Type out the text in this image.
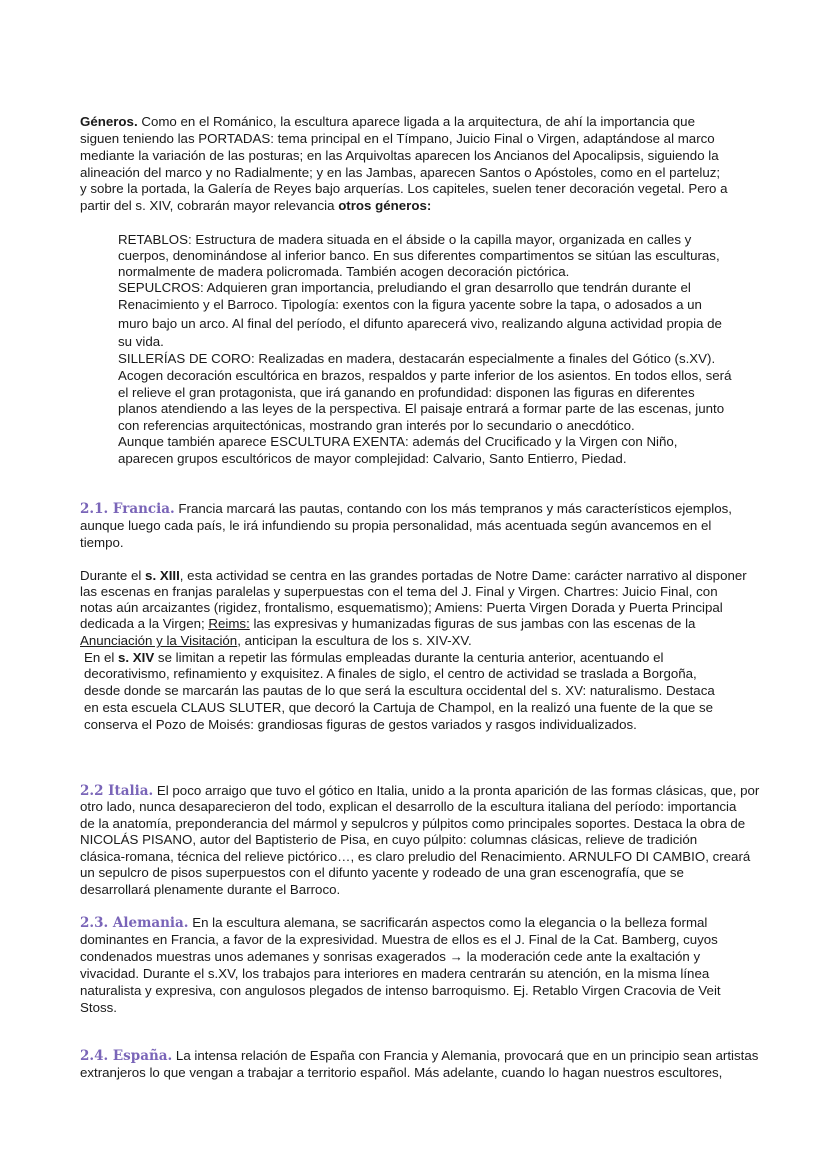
Géneros. Como en el Románico, la escultura aparece ligada a la arquitectura, de ahí la importancia que
siguen teniendo las PORTADAS: tema principal en el Tímpano, Juicio Final o Virgen, adaptándose al marco
mediante la variación de las posturas; en las Arquivoltas aparecen los Ancianos del Apocalipsis, siguiendo la
alineación del marco y no Radialmente; y en las Jambas, aparecen Santos o Apóstoles, como en el parteluz;
y sobre la portada, la Galería de Reyes bajo arquerías. Los capiteles, suelen tener decoración vegetal. Pero a
partir del s. XIV, cobrarán mayor relevancia otros géneros:
RETABLOS: Estructura de madera situada en el ábside o la capilla mayor, organizada en calles y
cuerpos, denominándose al inferior banco. En sus diferentes compartimentos se sitúan las esculturas,
normalmente de madera policromada. También acogen decoración pictórica.
SEPULCROS: Adquieren gran importancia, preludiando el gran desarrollo que tendrán durante el
Renacimiento y el Barroco. Tipología: exentos con la figura yacente sobre la tapa, o adosados a un
muro bajo un arco. Al final del período, el difunto aparecerá vivo, realizando alguna actividad propia de
su vida.
SILLERÍAS DE CORO: Realizadas en madera, destacarán especialmente a finales del Gótico (s.XV).
Acogen decoración escultórica en brazos, respaldos y parte inferior de los asientos. En todos ellos, será
el relieve el gran protagonista, que irá ganando en profundidad: disponen las figuras en diferentes
planos atendiendo a las leyes de la perspectiva. El paisaje entrará a formar parte de las escenas, junto
con referencias arquitectónicas, mostrando gran interés por lo secundario o anecdótico.
Aunque también aparece ESCULTURA EXENTA: además del Crucificado y la Virgen con Niño,
aparecen grupos escultóricos de mayor complejidad: Calvario, Santo Entierro, Piedad.
2.1. Francia. Francia marcará las pautas, contando con los más tempranos y más característicos ejemplos,
aunque luego cada país, le irá infundiendo su propia personalidad, más acentuada según avancemos en el
tiempo.
Durante el s. XIII, esta actividad se centra en las grandes portadas de Notre Dame: carácter narrativo al disponer
las escenas en franjas paralelas y superpuestas con el tema del J. Final y Virgen. Chartres: Juicio Final, con
notas aún arcaizantes (rigidez, frontalismo, esquematismo); Amiens: Puerta Virgen Dorada y Puerta Principal
dedicada a la Virgen; Reims: las expresivas y humanizadas figuras de sus jambas con las escenas de la
Anunciación y la Visitación, anticipan la escultura de los s. XIV-XV.
En el s. XIV se limitan a repetir las fórmulas empleadas durante la centuria anterior, acentuando el
decorativismo, refinamiento y exquisitez. A finales de siglo, el centro de actividad se traslada a Borgoña,
desde donde se marcarán las pautas de lo que será la escultura occidental del s. XV: naturalismo. Destaca
en esta escuela CLAUS SLUTER, que decoró la Cartuja de Champol, en la realizó una fuente de la que se
conserva el Pozo de Moisés: grandiosas figuras de gestos variados y rasgos individualizados.
2.2 Italia. El poco arraigo que tuvo el gótico en Italia, unido a la pronta aparición de las formas clásicas, que, por
otro lado, nunca desaparecieron del todo, explican el desarrollo de la escultura italiana del período: importancia
de la anatomía, preponderancia del mármol y sepulcros y púlpitos como principales soportes. Destaca la obra de
NICOLÁS PISANO, autor del Baptisterio de Pisa, en cuyo púlpito: columnas clásicas, relieve de tradición
clásica-romana, técnica del relieve pictórico…, es claro preludio del Renacimiento. ARNULFO DI CAMBIO, creará
un sepulcro de pisos superpuestos con el difunto yacente y rodeado de una gran escenografía, que se
desarrollará plenamente durante el Barroco.
2.3. Alemania. En la escultura alemana, se sacrificarán aspectos como la elegancia o la belleza formal
dominantes en Francia, a favor de la expresividad. Muestra de ellos es el J. Final de la Cat. Bamberg, cuyos
condenados muestras unos ademanes y sonrisas exagerados → la moderación cede ante la exaltación y
vivacidad. Durante el s.XV, los trabajos para interiores en madera centrarán su atención, en la misma línea
naturalista y expresiva, con angulosos plegados de intenso barroquismo. Ej. Retablo Virgen Cracovia de Veit
Stoss.
2.4. España. La intensa relación de España con Francia y Alemania, provocará que en un principio sean artistas
extranjeros lo que vengan a trabajar a territorio español. Más adelante, cuando lo hagan nuestros escultores,
